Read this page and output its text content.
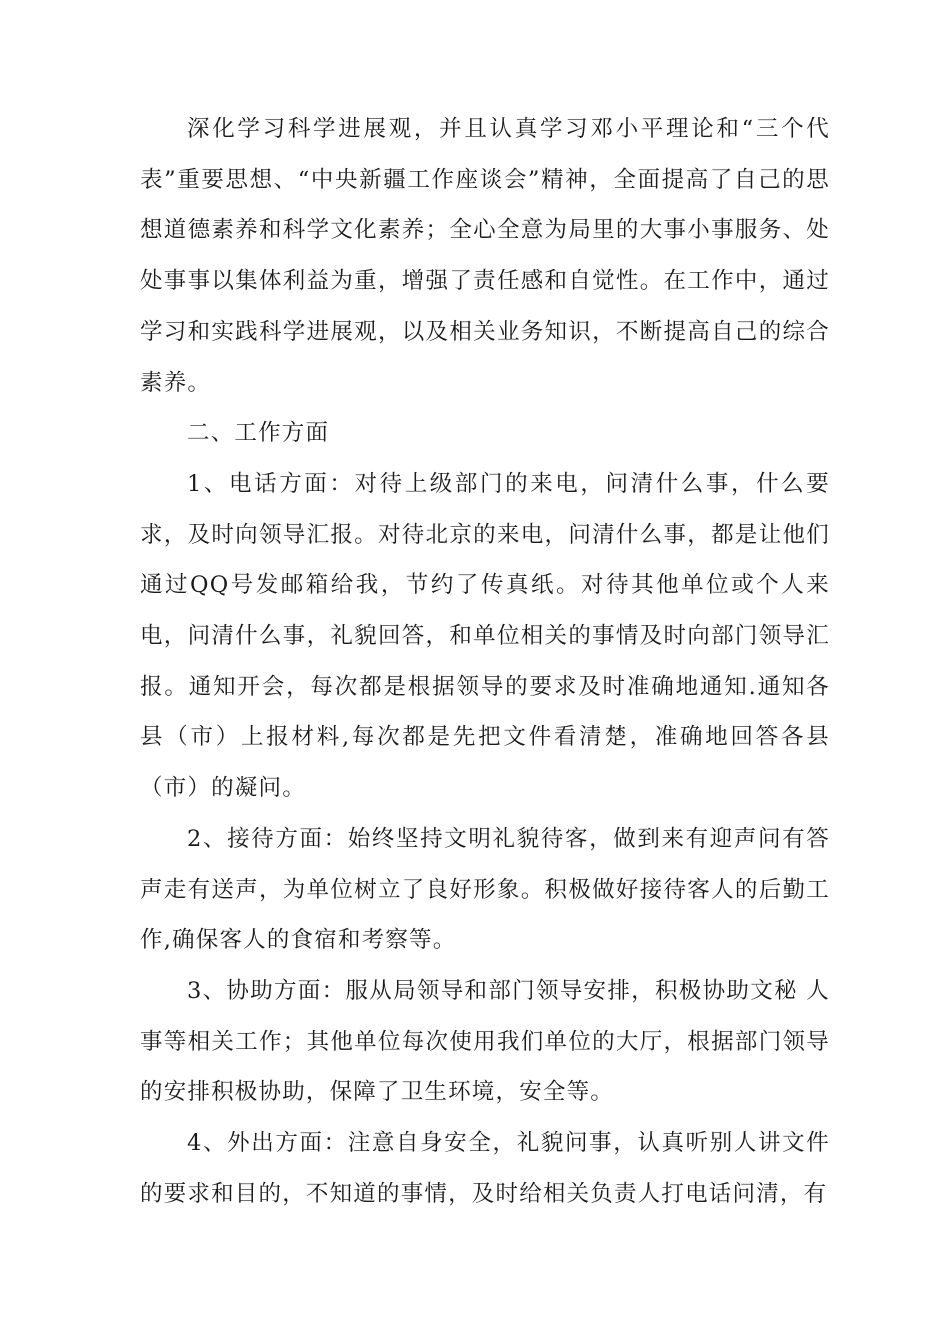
深化学习科学进展观，并且认真学习邓小平理论和“三个代表”重要思想、“中央新疆工作座谈会”精神，全面提高了自己的思想道德素养和科学文化素养；全心全意为局里的大事小事服务、处处事事以集体利益为重，增强了责任感和自觉性。在工作中，通过学习和实践科学进展观，以及相关业务知识，不断提高自己的综合素养。

二、工作方面

1、电话方面：对待上级部门的来电，问清什么事，什么要求，及时向领导汇报。对待北京的来电，问清什么事，都是让他们通过QQ号发邮箱给我，节约了传真纸。对待其他单位或个人来电，问清什么事，礼貌回答，和单位相关的事情及时向部门领导汇报。通知开会，每次都是根据领导的要求及时准确地通知.通知各县（市）上报材料,每次都是先把文件看清楚，准确地回答各县（市）的凝问。

2、接待方面：始终坚持文明礼貌待客，做到来有迎声问有答声走有送声，为单位树立了良好形象。积极做好接待客人的后勤工作,确保客人的食宿和考察等。

3、协助方面：服从局领导和部门领导安排，积极协助文秘 人事等相关工作；其他单位每次使用我们单位的大厅，根据部门领导的安排积极协助，保障了卫生环境，安全等。

4、外出方面：注意自身安全，礼貌问事，认真听别人讲文件的要求和目的，不知道的事情，及时给相关负责人打电话问清，有
